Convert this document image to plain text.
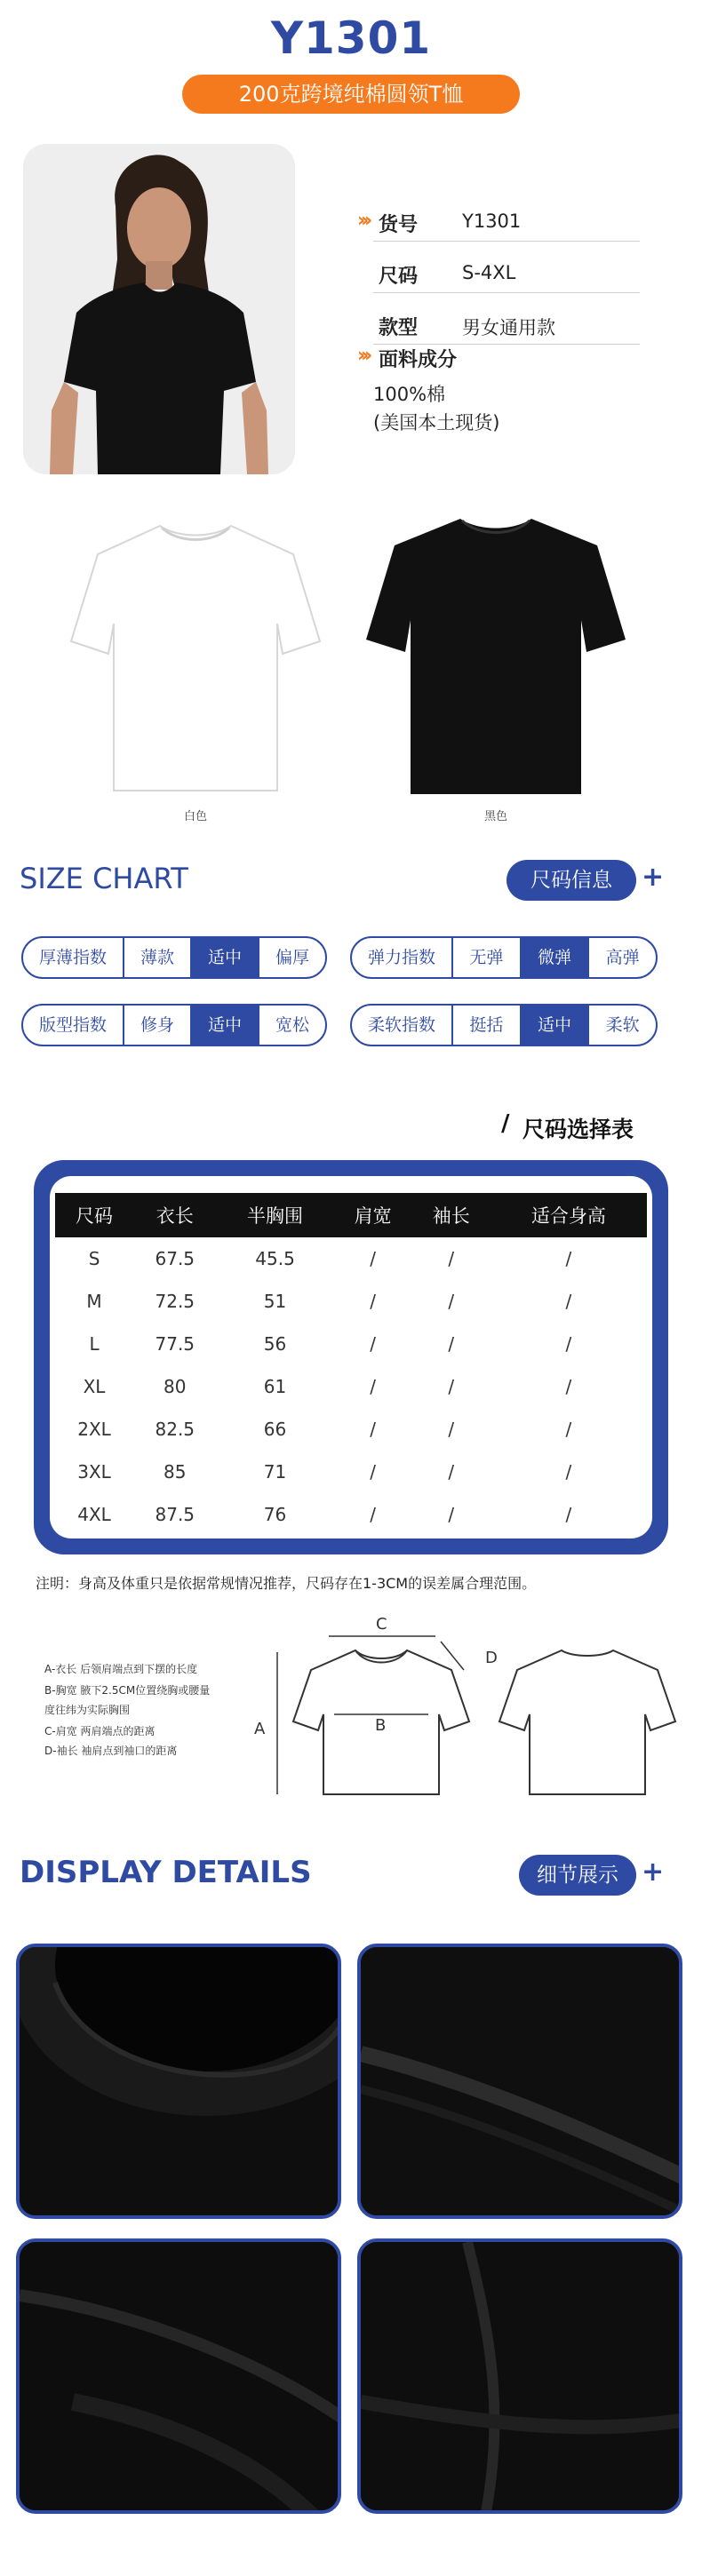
Y1301
200克跨境纯棉圆领T恤
››› 货号 Y1301
尺码 S-4XL
款型 男女通用款
››› 面料成分
100%棉
(美国本土现货)
白色	黑色
SIZE CHART	尺码信息	+
厚薄指数	薄款	适中	偏厚	弹力指数	无弹	微弹	高弹
版型指数	修身	适中	宽松	柔软指数	挺括	适中	柔软
/ 尺码选择表
尺码	衣长	半胸围	肩宽	袖长	适合身高
S	67.5	45.5	/	/	/
M	72.5	51	/	/	/
L	77.5	56	/	/	/
XL	80	61	/	/	/
2XL	82.5	66	/	/	/
3XL	85	71	/	/	/
4XL	87.5	76	/	/	/
注明：身高及体重只是依据常规情况推荐，尺码存在1-3CM的误差属合理范围。
A-衣长 后领肩端点到下摆的长度
B-胸宽 腋下2.5CM位置绕胸或腰量
度往纬为实际胸围
C-肩宽 两肩端点的距离
D-袖长 袖肩点到袖口的距离
C
D
A	B
DISPLAY DETAILS	细节展示 +
